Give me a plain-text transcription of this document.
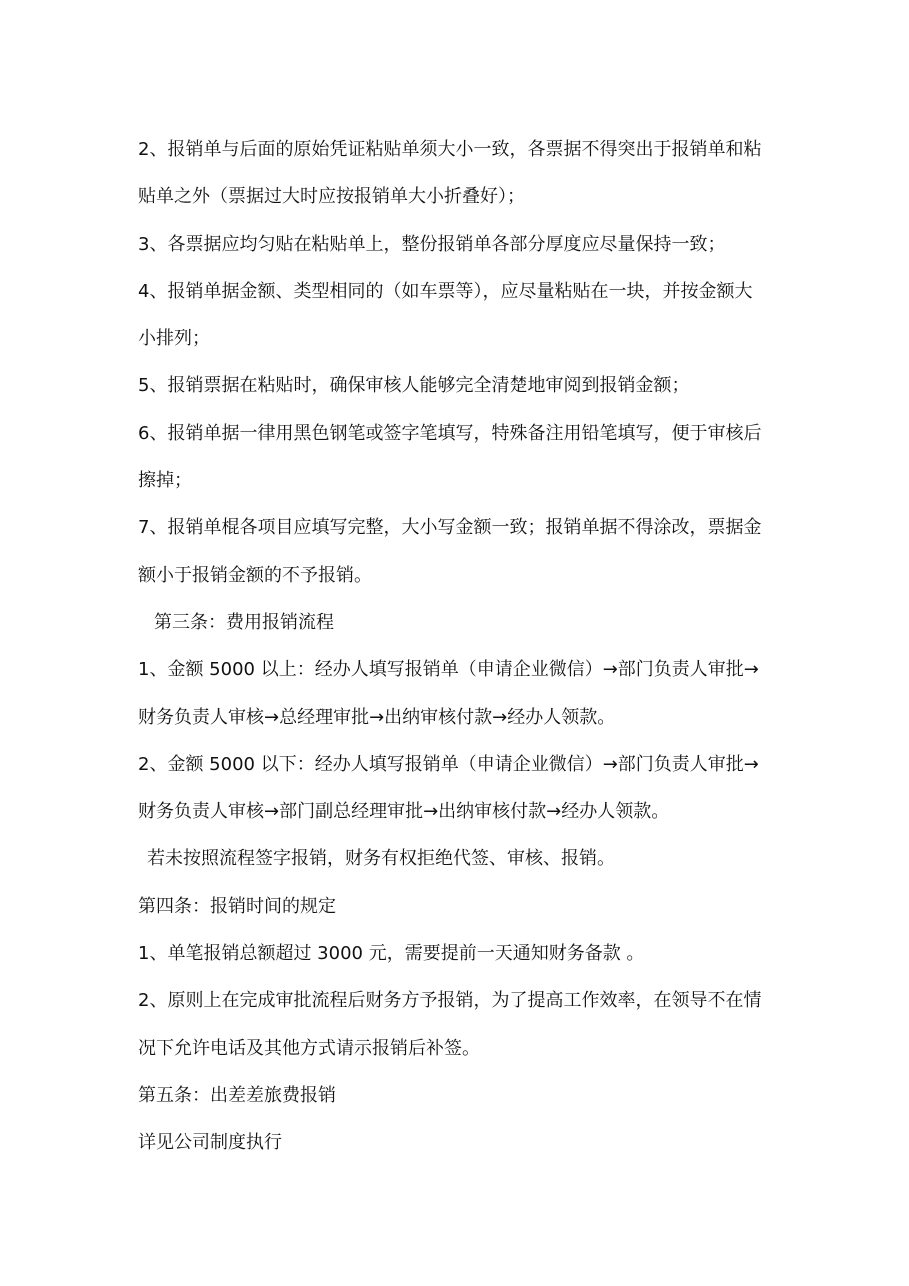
2、报销单与后面的原始凭证粘贴单须大小一致，各票据不得突出于报销单和粘
贴单之外（票据过大时应按报销单大小折叠好）；
3、各票据应均匀贴在粘贴单上，整份报销单各部分厚度应尽量保持一致；
4、报销单据金额、类型相同的（如车票等），应尽量粘贴在一块，并按金额大
小排列；
5、报销票据在粘贴时，确保审核人能够完全清楚地审阅到报销金额；
6、报销单据一律用黑色钢笔或签字笔填写，特殊备注用铅笔填写，便于审核后
擦掉；
7、报销单棍各项目应填写完整，大小写金额一致；报销单据不得涂改，票据金
额小于报销金额的不予报销。
第三条：费用报销流程
1、金额 5000 以上：经办人填写报销单（申请企业微信）→部门负责人审批→
财务负责人审核→总经理审批→出纳审核付款→经办人领款。
2、金额 5000 以下：经办人填写报销单（申请企业微信）→部门负责人审批→
财务负责人审核→部门副总经理审批→出纳审核付款→经办人领款。
若未按照流程签字报销，财务有权拒绝代签、审核、报销。
第四条：报销时间的规定
1、单笔报销总额超过 3000 元，需要提前一天通知财务备款 。
2、原则上在完成审批流程后财务方予报销，为了提高工作效率，在领导不在情
况下允许电话及其他方式请示报销后补签。
第五条：出差差旅费报销
详见公司制度执行
